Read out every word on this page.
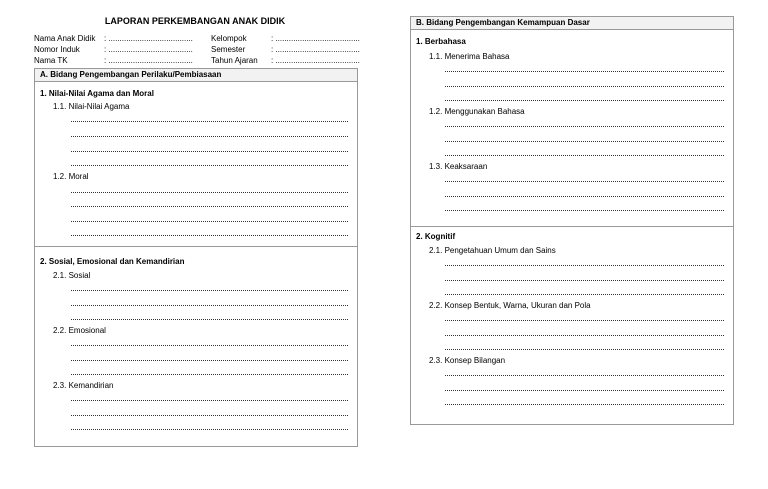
LAPORAN PERKEMBANGAN ANAK DIDIK
Nama Anak Didik	: ......................................
Nomor Induk	: ......................................
Nama TK	: ......................................
Kelompok	: ......................................
Semester	: ......................................
Tahun Ajaran	: ......................................
A. Bidang Pengembangan Perilaku/Pembiasaan
1. Nilai-Nilai Agama dan Moral
1.1. Nilai-Nilai Agama
1.2. Moral
2. Sosial, Emosional dan Kemandirian
2.1. Sosial
2.2. Emosional
2.3. Kemandirian
B. Bidang Pengembangan Kemampuan Dasar
1. Berbahasa
1.1. Menerima Bahasa
1.2. Menggunakan Bahasa
1.3. Keaksaraan
2. Kognitif
2.1. Pengetahuan Umum dan Sains
2.2. Konsep Bentuk, Warna, Ukuran dan Pola
2.3. Konsep Bilangan
